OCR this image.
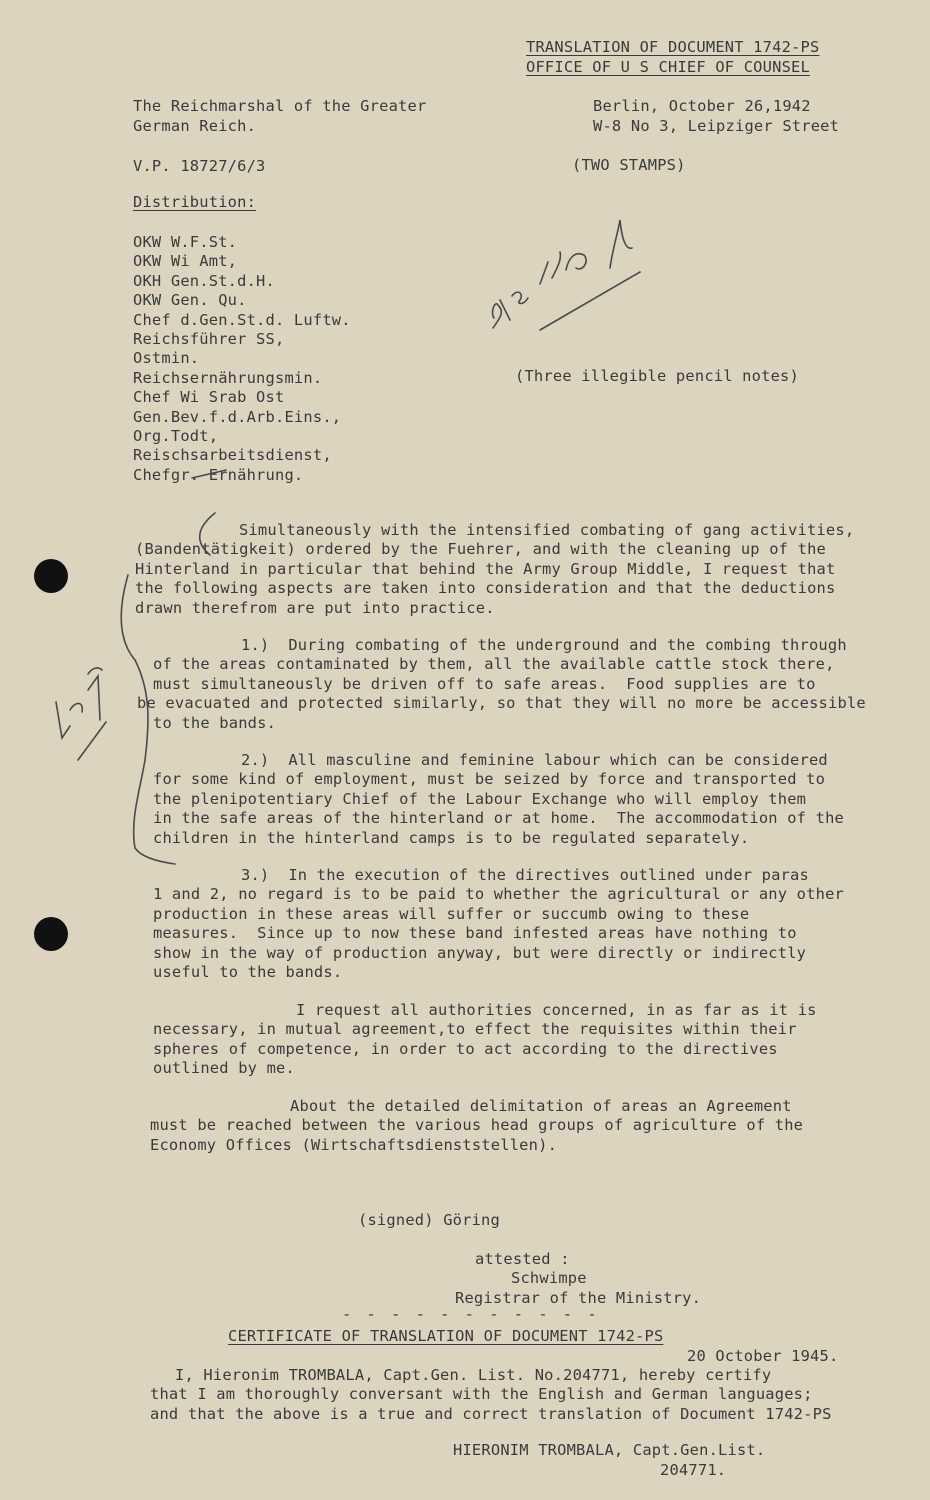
TRANSLATION OF DOCUMENT 1742-PS
OFFICE OF U S CHIEF OF COUNSEL
The Reichmarshal of the Greater
German Reich.
Berlin, October 26,1942
W-8 No 3, Leipziger Street
V.P. 18727/6/3	(TWO STAMPS)
Distribution:
OKW W.F.St.
OKW Wi Amt,
OKH Gen.St.d.H.
OKW Gen. Qu.
Chef d.Gen.St.d. Luftw.
Reichsführer SS,
Ostmin.
Reichsernährungsmin.
Chef Wi Srab Ost
Gen.Bev.f.d.Arb.Eins.,
Org.Todt,
Reischsarbeitsdienst,
Chefgr. Ernährung.
(Three illegible pencil notes)
Simultaneously with the intensified combating of gang activities,
(Bandentätigkeit) ordered by the Fuehrer, and with the cleaning up of the
Hinterland in particular that behind the Army Group Middle, I request that
the following aspects are taken into consideration and that the deductions
drawn therefrom are put into practice.
1.)  During combating of the underground and the combing through
of the areas contaminated by them, all the available cattle stock there,
must simultaneously be driven off to safe areas.  Food supplies are to
be evacuated and protected similarly, so that they will no more be accessible
to the bands.
2.)  All masculine and feminine labour which can be considered
for some kind of employment, must be seized by force and transported to
the plenipotentiary Chief of the Labour Exchange who will employ them
in the safe areas of the hinterland or at home.  The accommodation of the
children in the hinterland camps is to be regulated separately.
3.)  In the execution of the directives outlined under paras
1 and 2, no regard is to be paid to whether the agricultural or any other
production in these areas will suffer or succumb owing to these
measures.  Since up to now these band infested areas have nothing to
show in the way of production anyway, but were directly or indirectly
useful to the bands.
I request all authorities concerned, in as far as it is
necessary, in mutual agreement,to effect the requisites within their
spheres of competence, in order to act according to the directives
outlined by me.
About the detailed delimitation of areas an Agreement
must be reached between the various head groups of agriculture of the
Economy Offices (Wirtschaftsdienststellen).
(signed) Göring
attested :
Schwimpe
Registrar of the Ministry.
- - - - - - - - - - -
CERTIFICATE OF TRANSLATION OF DOCUMENT 1742-PS
20 October 1945.
I, Hieronim TROMBALA, Capt.Gen. List. No.204771, hereby certify
that I am thoroughly conversant with the English and German languages;
and that the above is a true and correct translation of Document 1742-PS
HIERONIM TROMBALA, Capt.Gen.List.
204771.
